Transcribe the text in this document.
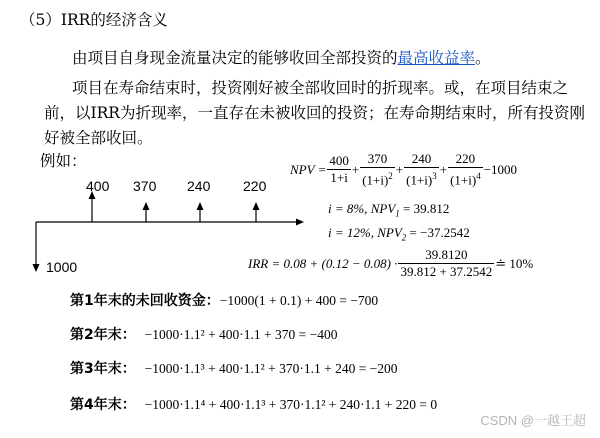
（5）IRR的经济含义
由项目自身现金流量决定的能够收回全部投资的最高收益率。
项目在寿命结束时，投资刚好被全部收回时的折现率。或，在项目结束之前，以IRR为折现率，一直存在未被收回的投资；在寿命期结束时，所有投资刚好被全部收回。
例如：
400 370 240 220
1000
NPV = $\frac{400}{1+i} + \frac{370}{(1+i)^2} + \frac{240}{(1+i)^3} + \frac{220}{(1+i)^4} -1000$
i = 8%, $NPV_1 = 39.812$
i = 12%, $NPV_2 = -37.2542$
IRR = $0.08 + (0.12 - 0.08) \cdot \frac{39.8120}{39.812 + 37.2542}$ ≐ 10%
第1年末的未回收资金：−1000(1 + 0.1) + 400 = −700
第2年末： −1000·1.1² + 400·1.1 + 370 = −400
第3年末： −1000·1.1³ + 400·1.1² + 370·1.1 + 240 = −200
第4年末： −1000·1.1⁴ + 400·1.1³ + 370·1.1² + 240·1.1 + 220 = 0
CSDN @一越王超
